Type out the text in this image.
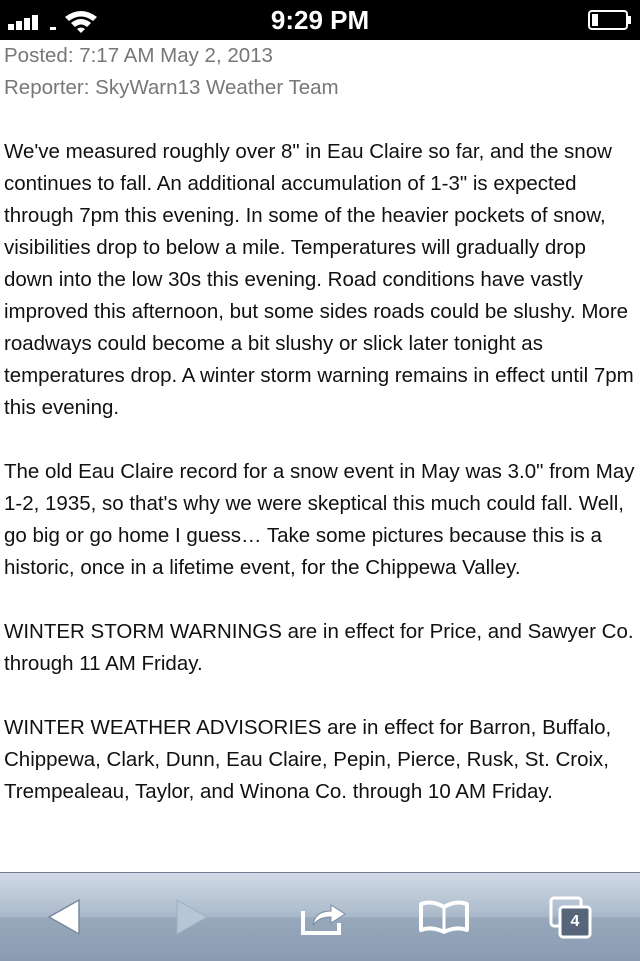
9:29 PM

Posted: 7:17 AM May 2, 2013

Reporter: SkyWarn13 Weather Team

We've measured roughly over 8" in Eau Claire so far, and the snow continues to fall. An additional accumulation of 1-3" is expected through 7pm this evening. In some of the heavier pockets of snow, visibilities drop to below a mile. Temperatures will gradually drop down into the low 30s this evening. Road conditions have vastly improved this afternoon, but some sides roads could be slushy. More roadways could become a bit slushy or slick later tonight as temperatures drop. A winter storm warning remains in effect until 7pm this evening.

The old Eau Claire record for a snow event in May was 3.0" from May 1-2, 1935, so that's why we were skeptical this much could fall. Well, go big or go home I guess… Take some pictures because this is a historic, once in a lifetime event, for the Chippewa Valley.

WINTER STORM WARNINGS are in effect for Price, and Sawyer Co. through 11 AM Friday.

WINTER WEATHER ADVISORIES are in effect for Barron, Buffalo, Chippewa, Clark, Dunn, Eau Claire, Pepin, Pierce, Rusk, St. Croix, Trempealeau, Taylor, and Winona Co. through 10 AM Friday.

4
